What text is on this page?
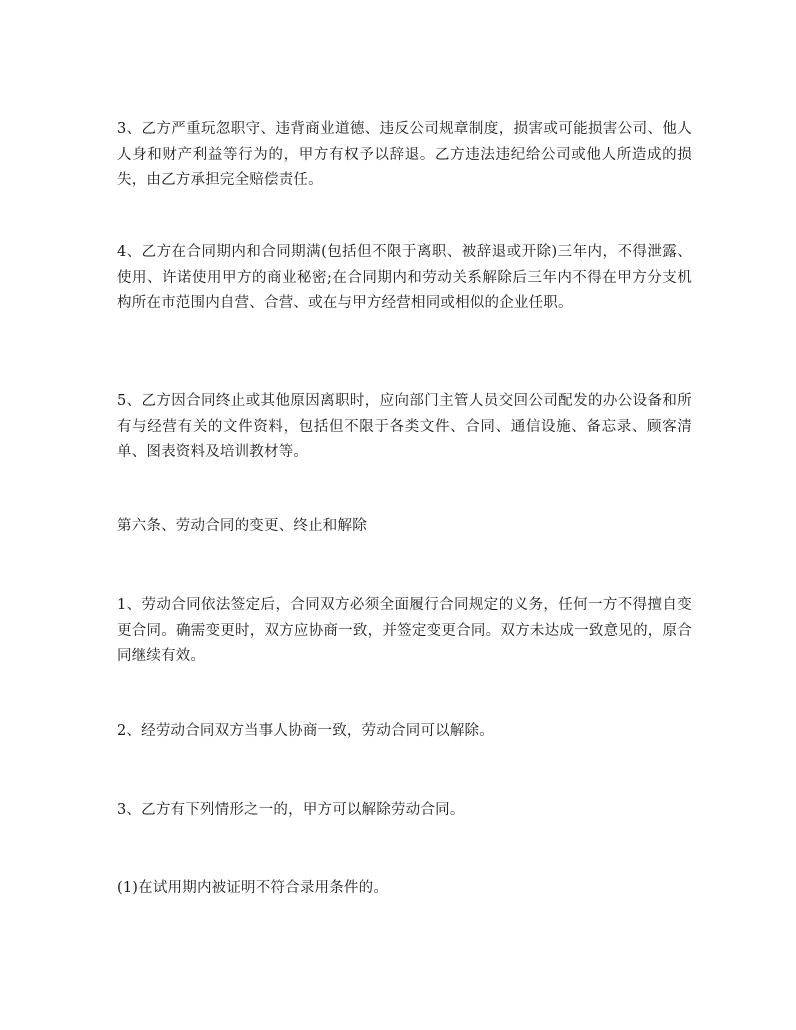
3、乙方严重玩忽职守、违背商业道德、违反公司规章制度，损害或可能损害公司、他人人身和财产利益等行为的，甲方有权予以辞退。乙方违法违纪给公司或他人所造成的损失，由乙方承担完全赔偿责任。

4、乙方在合同期内和合同期满(包括但不限于离职、被辞退或开除)三年内，不得泄露、使用、许诺使用甲方的商业秘密;在合同期内和劳动关系解除后三年内不得在甲方分支机构所在市范围内自营、合营、或在与甲方经营相同或相似的企业任职。

5、乙方因合同终止或其他原因离职时，应向部门主管人员交回公司配发的办公设备和所有与经营有关的文件资料，包括但不限于各类文件、合同、通信设施、备忘录、顾客清单、图表资料及培训教材等。

第六条、劳动合同的变更、终止和解除

1、劳动合同依法签定后，合同双方必须全面履行合同规定的义务，任何一方不得擅自变更合同。确需变更时，双方应协商一致，并签定变更合同。双方未达成一致意见的，原合同继续有效。

2、经劳动合同双方当事人协商一致，劳动合同可以解除。

3、乙方有下列情形之一的，甲方可以解除劳动合同。

(1)在试用期内被证明不符合录用条件的。
